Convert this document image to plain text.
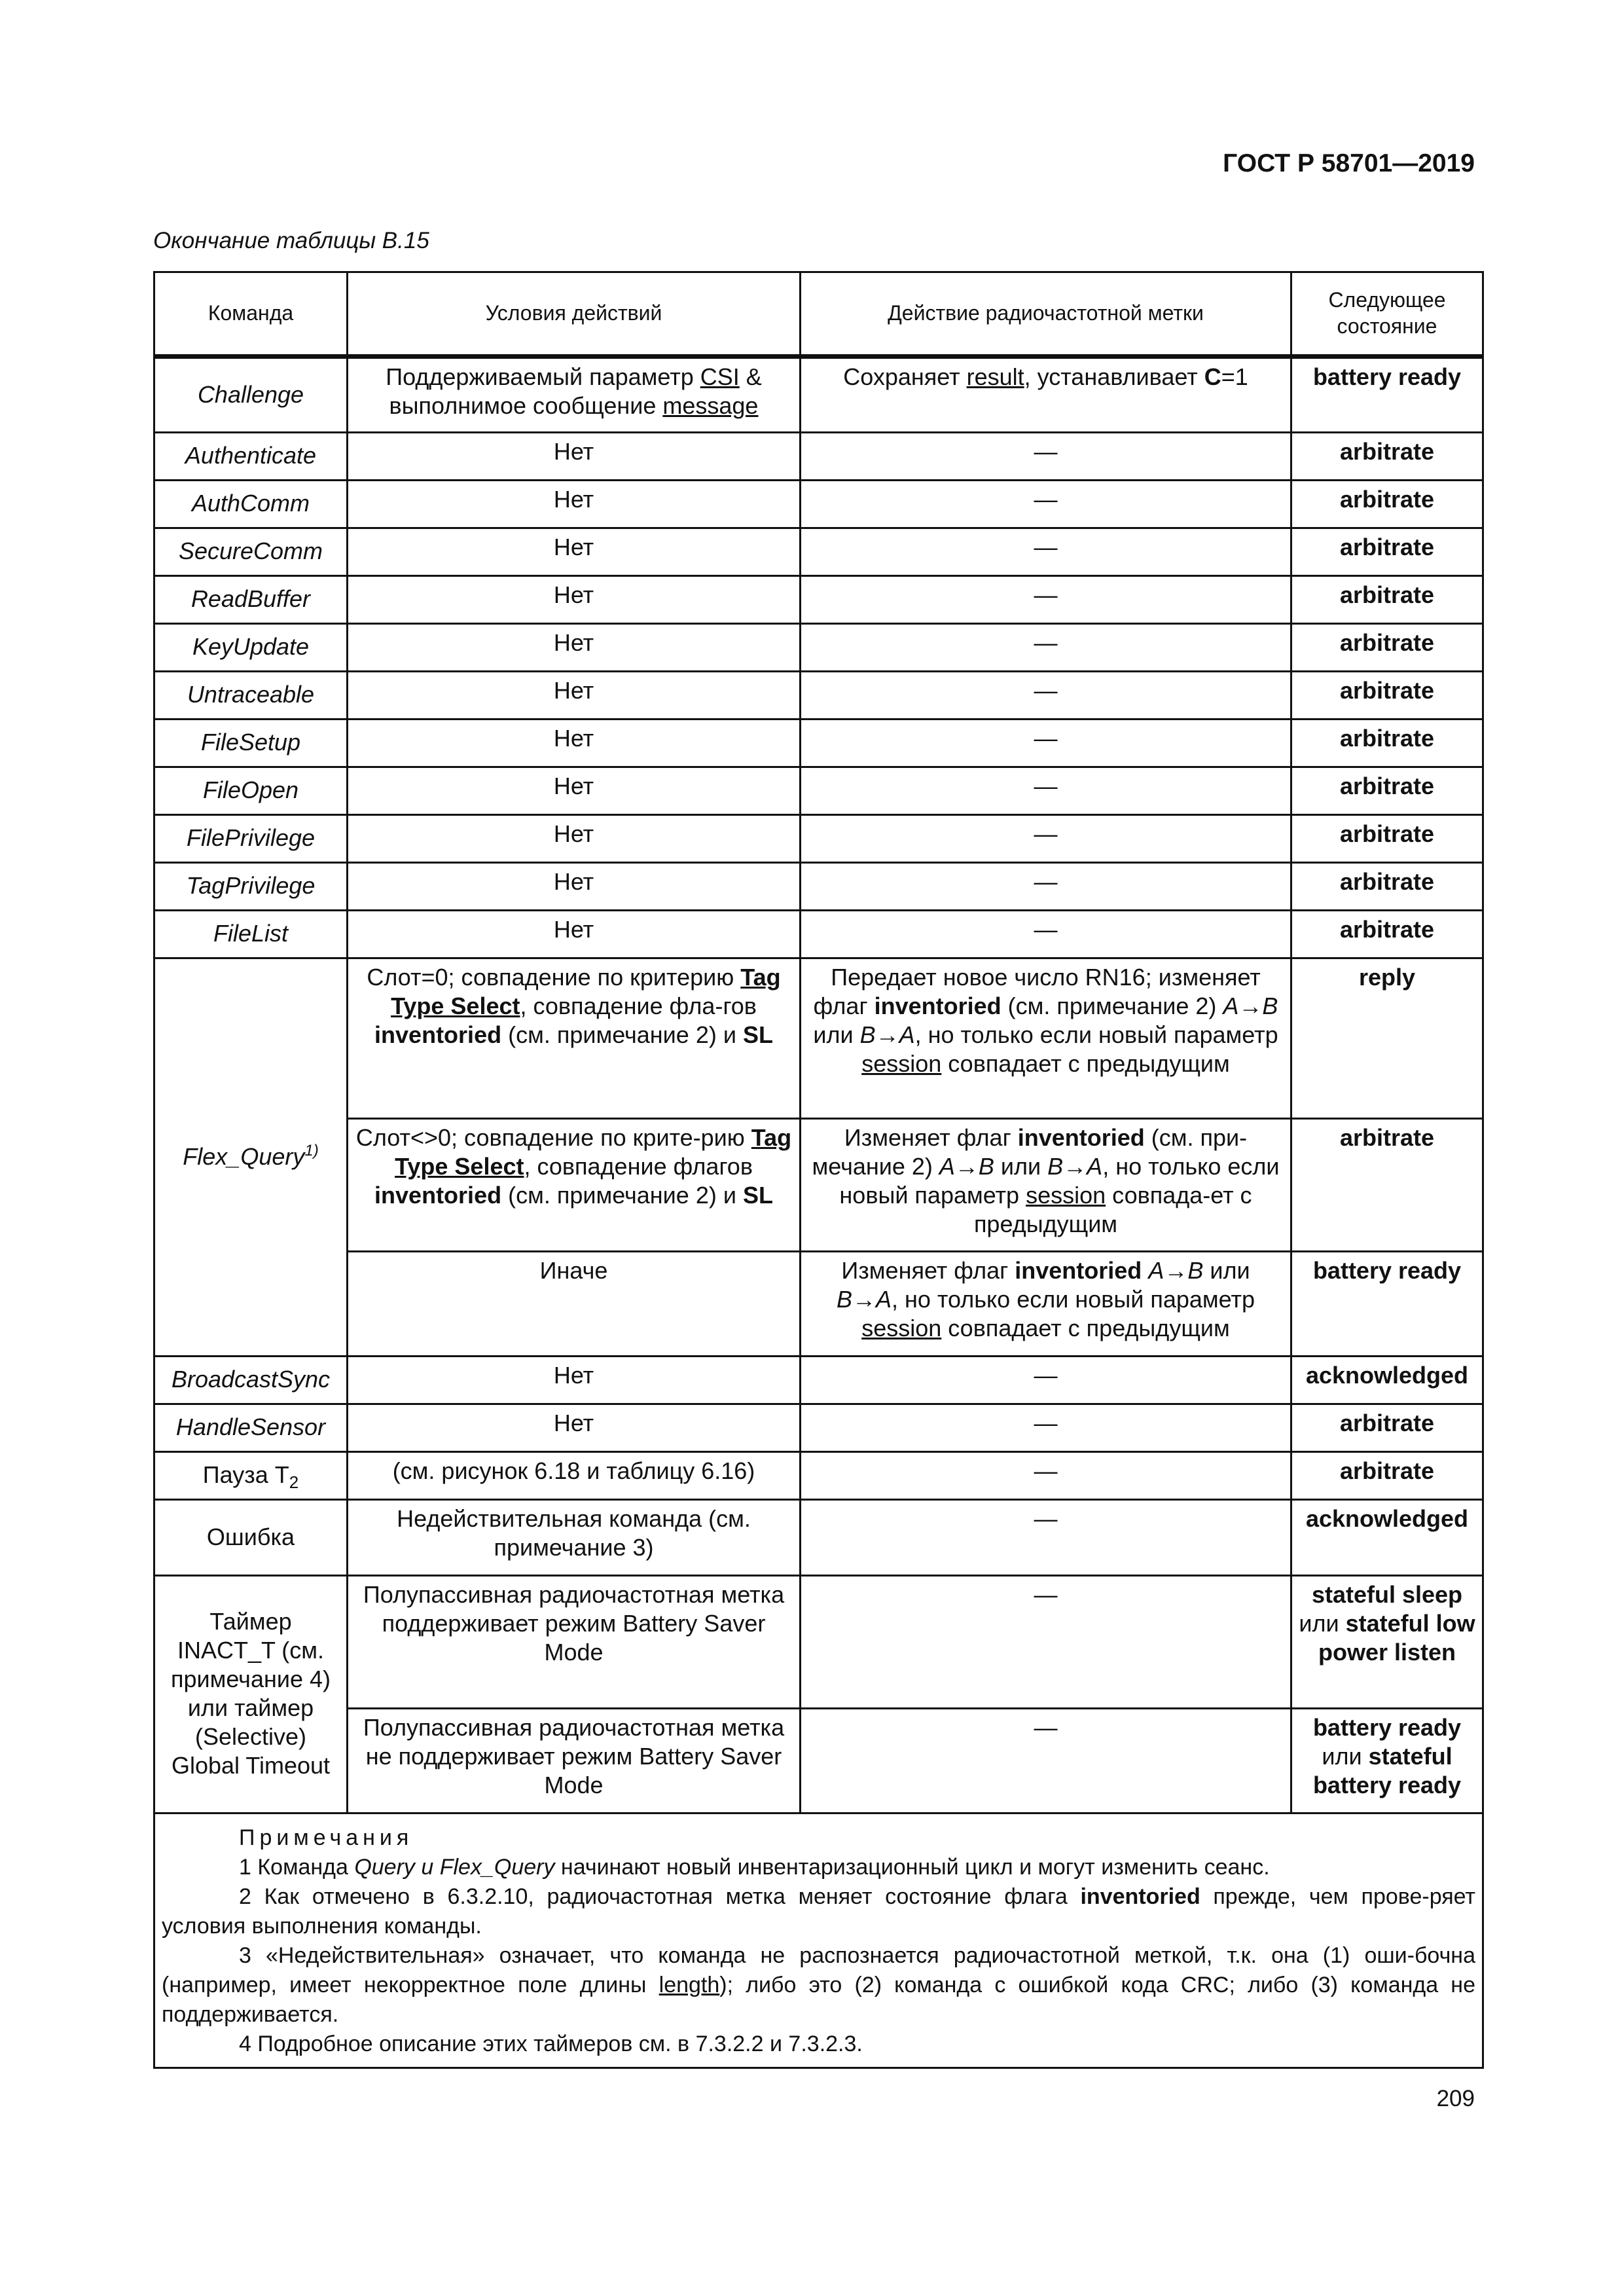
ГОСТ Р 58701—2019
Окончание таблицы В.15
Команда	Условия действий	Действие радиочастотной метки	Следующее состояние
Challenge	Поддерживаемый параметр CSI & выполнимое сообщение message	Сохраняет result, устанавливает C=1	battery ready
Authenticate	Нет	—	arbitrate
AuthComm	Нет	—	arbitrate
SecureComm	Нет	—	arbitrate
ReadBuffer	Нет	—	arbitrate
KeyUpdate	Нет	—	arbitrate
Untraceable	Нет	—	arbitrate
FileSetup	Нет	—	arbitrate
FileOpen	Нет	—	arbitrate
FilePrivilege	Нет	—	arbitrate
TagPrivilege	Нет	—	arbitrate
FileList	Нет	—	arbitrate
Flex_Query$^{1)}$	Слот=0; совпадение по критерию Tag Type Select, совпадение фла-гов inventoried (см. примечание 2) и SL	Передает новое число RN16; изменяет флаг inventoried (см. примечание 2) A→B или B→A, но только если новый параметр session совпадает с предыдущим	reply
	Слот<>0; совпадение по крите-рию Tag Type Select, совпадение флагов inventoried (см. примечание 2) и SL	Изменяет флаг inventoried (см. при-мечание 2) A→B или B→A, но только если новый параметр session совпада-ет с предыдущим	arbitrate
	Иначе	Изменяет флаг inventoried A→B или B→A, но только если новый параметр session совпадает с предыдущим	battery ready
BroadcastSync	Нет	—	acknowledged
HandleSensor	Нет	—	arbitrate
Пауза $T_2$	(см. рисунок 6.18 и таблицу 6.16)	—	arbitrate
Ошибка	Недействительная команда (см. примечание 3)	—	acknowledged
Таймер INACT_T (см. примечание 4) или таймер (Selective) Global Timeout	Полупассивная радиочастотная метка поддерживает режим Battery Saver Mode	—	stateful sleep или stateful low power listen
	Полупассивная радиочастотная метка не поддерживает режим Battery Saver Mode	—	battery ready или stateful battery ready

Примечания
1 Команда Query и Flex_Query начинают новый инвентаризационный цикл и могут изменить сеанс.
2 Как отмечено в 6.3.2.10, радиочастотная метка меняет состояние флага inventoried прежде, чем прове-ряет условия выполнения команды.
3 «Недействительная» означает, что команда не распознается радиочастотной меткой, т.к. она (1) оши-бочна (например, имеет некорректное поле длины length); либо это (2) команда с ошибкой кода CRC; либо (3) команда не поддерживается.
4 Подробное описание этих таймеров см. в 7.3.2.2 и 7.3.2.3.			
209
